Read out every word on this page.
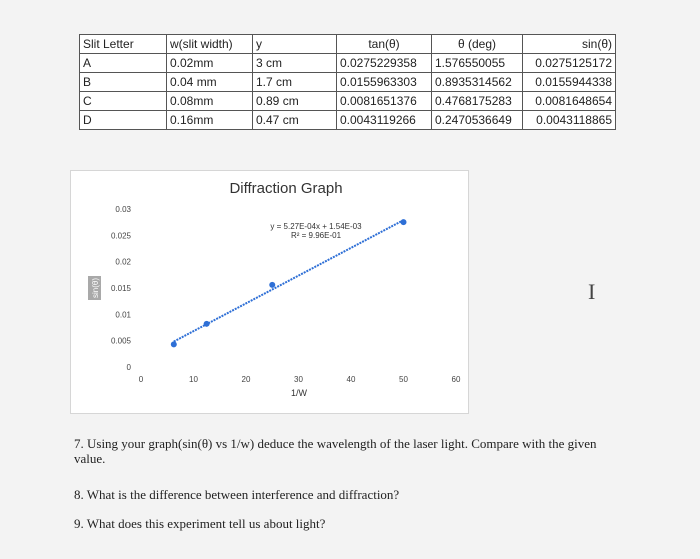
Slit Letter	w(slit width)	y	tan(θ)	θ (deg)	sin(θ)
A	0.02mm	3 cm	0.0275229358	1.576550055	0.0275125172
B	0.04 mm	1.7 cm	0.0155963303	0.8935314562	0.0155944338
C	0.08mm	0.89 cm	0.0081651376	0.4768175283	0.0081648654
D	0.16mm	0.47 cm	0.0043119266	0.2470536649	0.0043118865
Diffraction Graph
1/W
sin(θ)
y = 5.27E-04x + 1.54E-03
R² = 9.96E-01
0	10	20	30	40	50	60
0
0.005
0.01
0.015
0.02
0.025
0.03
7. Using your graph(sin(θ) vs 1/w) deduce the wavelength of the laser light. Compare with the given value.
8. What is the difference between interference and diffraction?
9. What does this experiment tell us about light?
I
